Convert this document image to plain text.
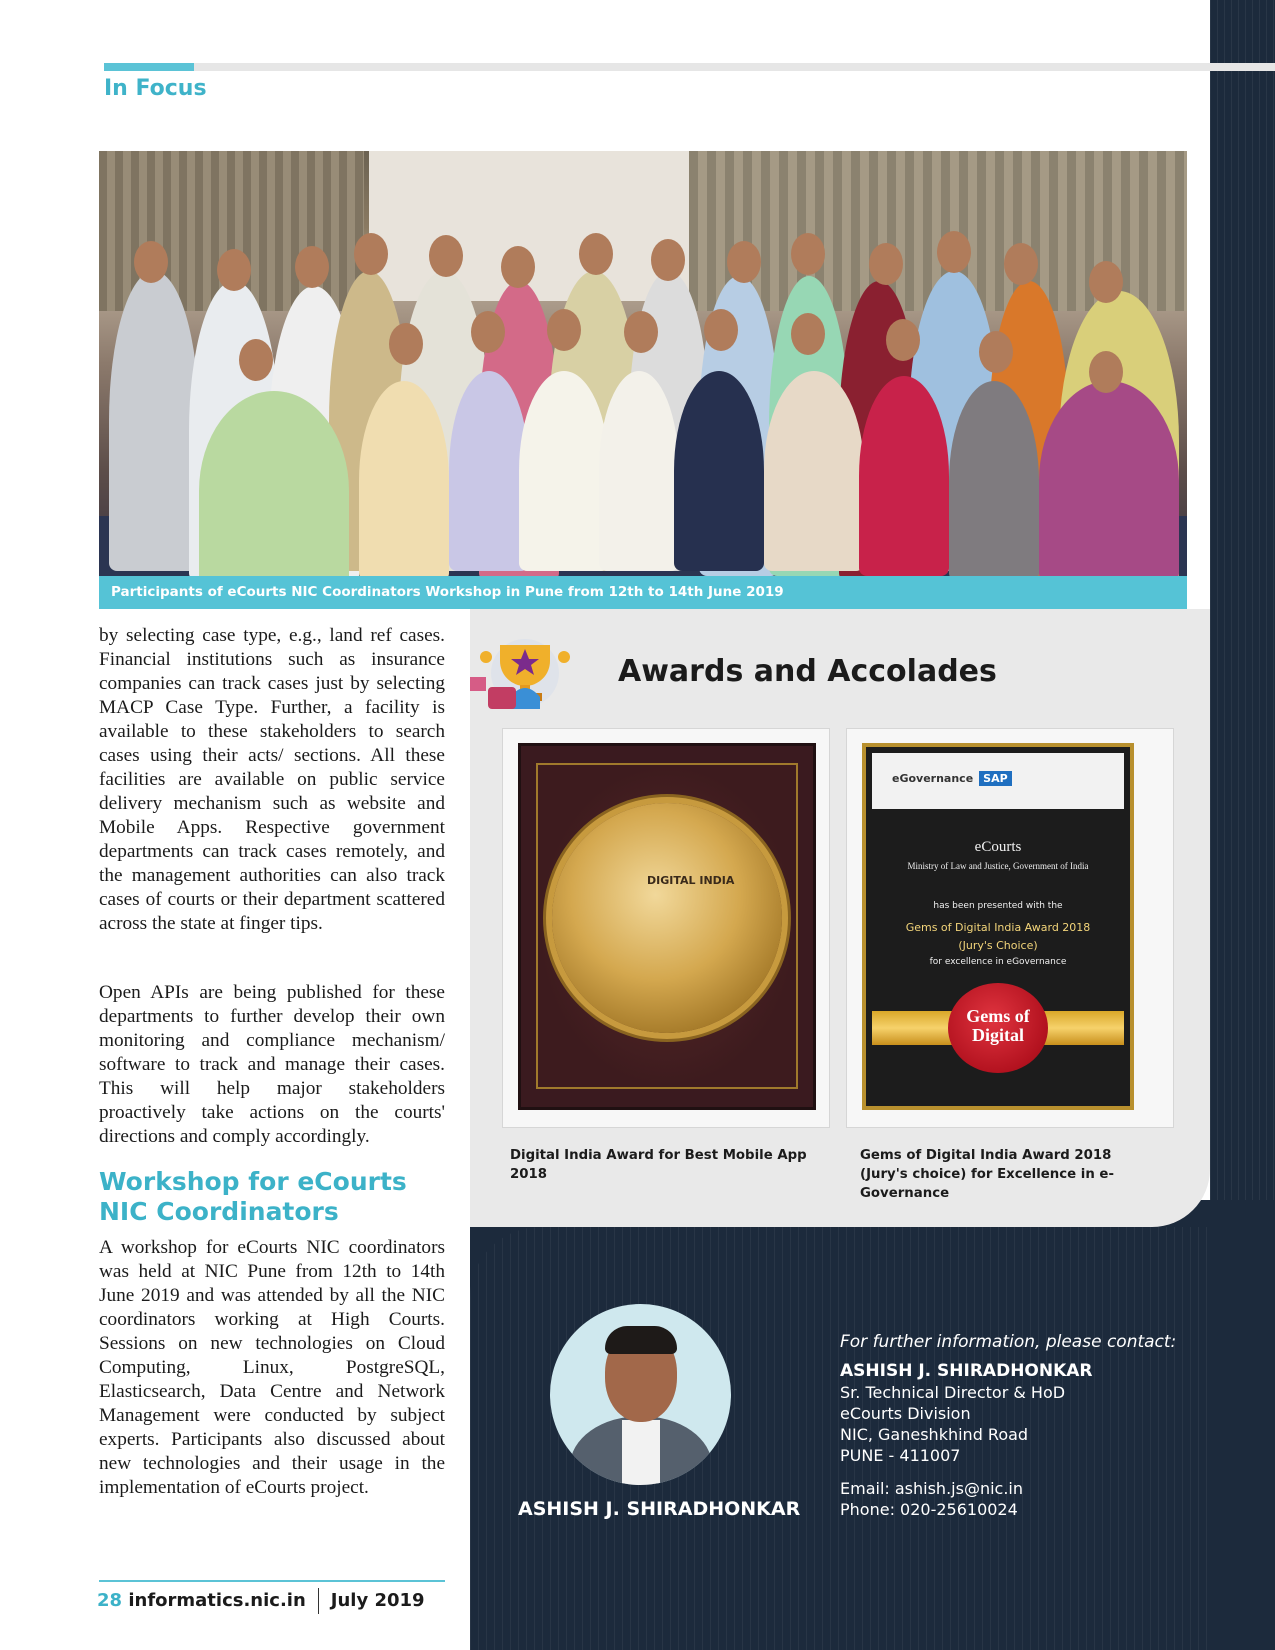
In Focus
Participants of eCourts NIC Coordinators Workshop in Pune from 12th to 14th June 2019

by selecting case type, e.g., land ref cases. Financial institutions such as insurance companies can track cases just by selecting MACP Case Type. Further, a facility is available to these stakeholders to search cases using their acts/ sections. All these facilities are available on public service delivery mechanism such as website and Mobile Apps. Respective government departments can track cases remotely, and the management authorities can also track cases of courts or their department scattered across the state at finger tips.

Open APIs are being published for these departments to further develop their own monitoring and compliance mechanism/ software to track and manage their cases. This will help major stakeholders proactively take actions on the courts' directions and comply accordingly.

Workshop for eCourts NIC Coordinators

A workshop for eCourts NIC coordinators was held at NIC Pune from 12th to 14th June 2019 and was attended by all the NIC coordinators working at High Courts. Sessions on new technologies on Cloud Computing, Linux, PostgreSQL, Elasticsearch, Data Centre and Network Management were conducted by subject experts. Participants also discussed about new technologies and their usage in the implementation of eCourts project.

28 informatics.nic.in July 2019
Awards and Accolades
DIGITAL INDIA
eGovernance SAP
eCourts
Ministry of Law and Justice, Government of India
has been presented with the
Gems of Digital India Award 2018
(Jury's Choice)
for excellence in eGovernance
Gems of Digital

Digital India Award for Best Mobile App 2018

Gems of Digital India Award 2018 (Jury's choice) for Excellence in e-Governance

ASHISH J. SHIRADHONKAR
For further information, please contact:
ASHISH J. SHIRADHONKAR
Sr. Technical Director & HoD
eCourts Division
NIC, Ganeshkhind Road
PUNE - 411007
Email: ashish.js@nic.in
Phone: 020-25610024
